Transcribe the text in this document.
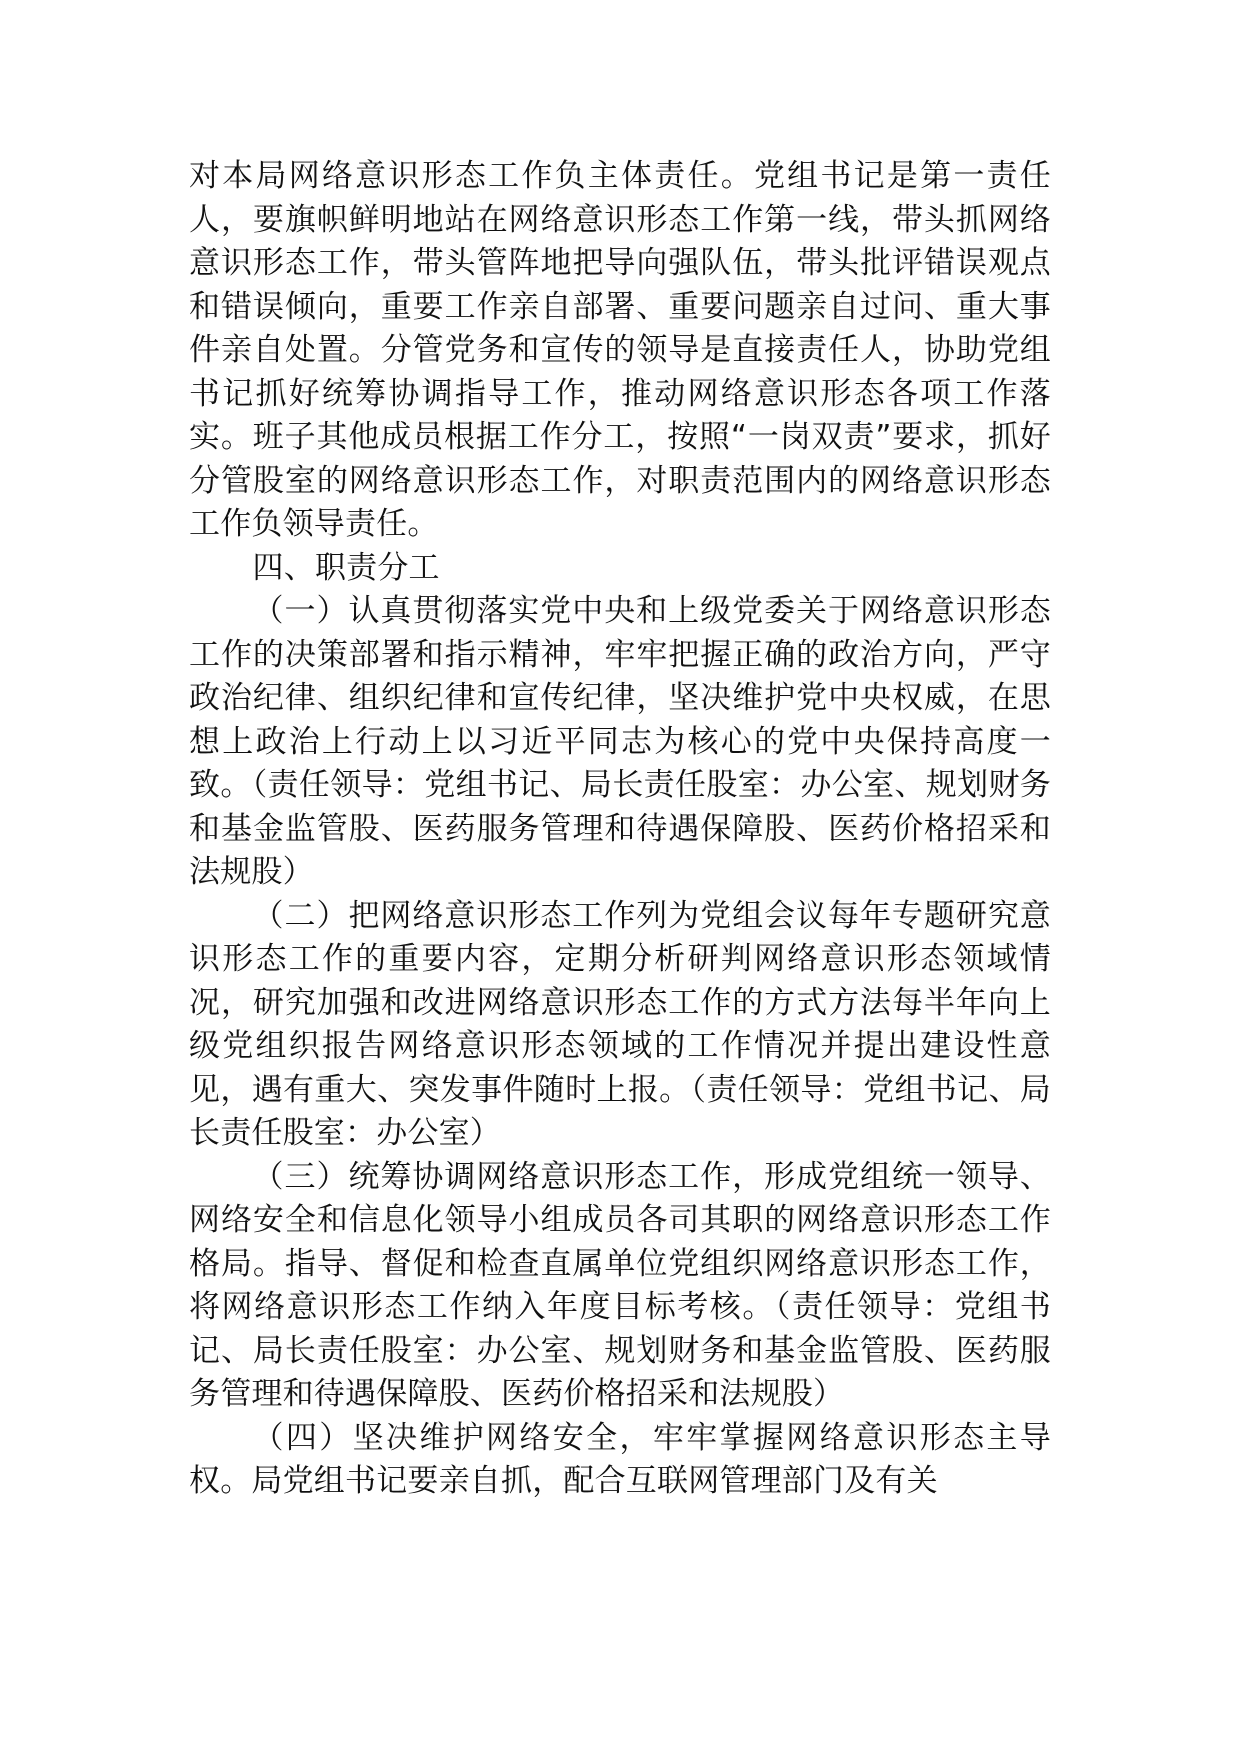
对本局网络意识形态工作负主体责任。党组书记是第一责任人，要旗帜鲜明地站在网络意识形态工作第一线，带头抓网络意识形态工作，带头管阵地把导向强队伍，带头批评错误观点和错误倾向，重要工作亲自部署、重要问题亲自过问、重大事件亲自处置。分管党务和宣传的领导是直接责任人，协助党组书记抓好统筹协调指导工作，推动网络意识形态各项工作落实。班子其他成员根据工作分工，按照“一岗双责”要求，抓好分管股室的网络意识形态工作，对职责范围内的网络意识形态工作负领导责任。

四、职责分工

（一）认真贯彻落实党中央和上级党委关于网络意识形态工作的决策部署和指示精神，牢牢把握正确的政治方向，严守政治纪律、组织纪律和宣传纪律，坚决维护党中央权威，在思想上政治上行动上以习近平同志为核心的党中央保持高度一致。（责任领导：党组书记、局长责任股室：办公室、规划财务和基金监管股、医药服务管理和待遇保障股、医药价格招采和法规股）

（二）把网络意识形态工作列为党组会议每年专题研究意识形态工作的重要内容，定期分析研判网络意识形态领域情况，研究加强和改进网络意识形态工作的方式方法每半年向上级党组织报告网络意识形态领域的工作情况并提出建设性意见，遇有重大、突发事件随时上报。（责任领导：党组书记、局长责任股室：办公室）

（三）统筹协调网络意识形态工作，形成党组统一领导、网络安全和信息化领导小组成员各司其职的网络意识形态工作格局。指导、督促和检查直属单位党组织网络意识形态工作，将网络意识形态工作纳入年度目标考核。（责任领导：党组书记、局长责任股室：办公室、规划财务和基金监管股、医药服务管理和待遇保障股、医药价格招采和法规股）

（四）坚决维护网络安全，牢牢掌握网络意识形态主导权。局党组书记要亲自抓，配合互联网管理部门及有关
